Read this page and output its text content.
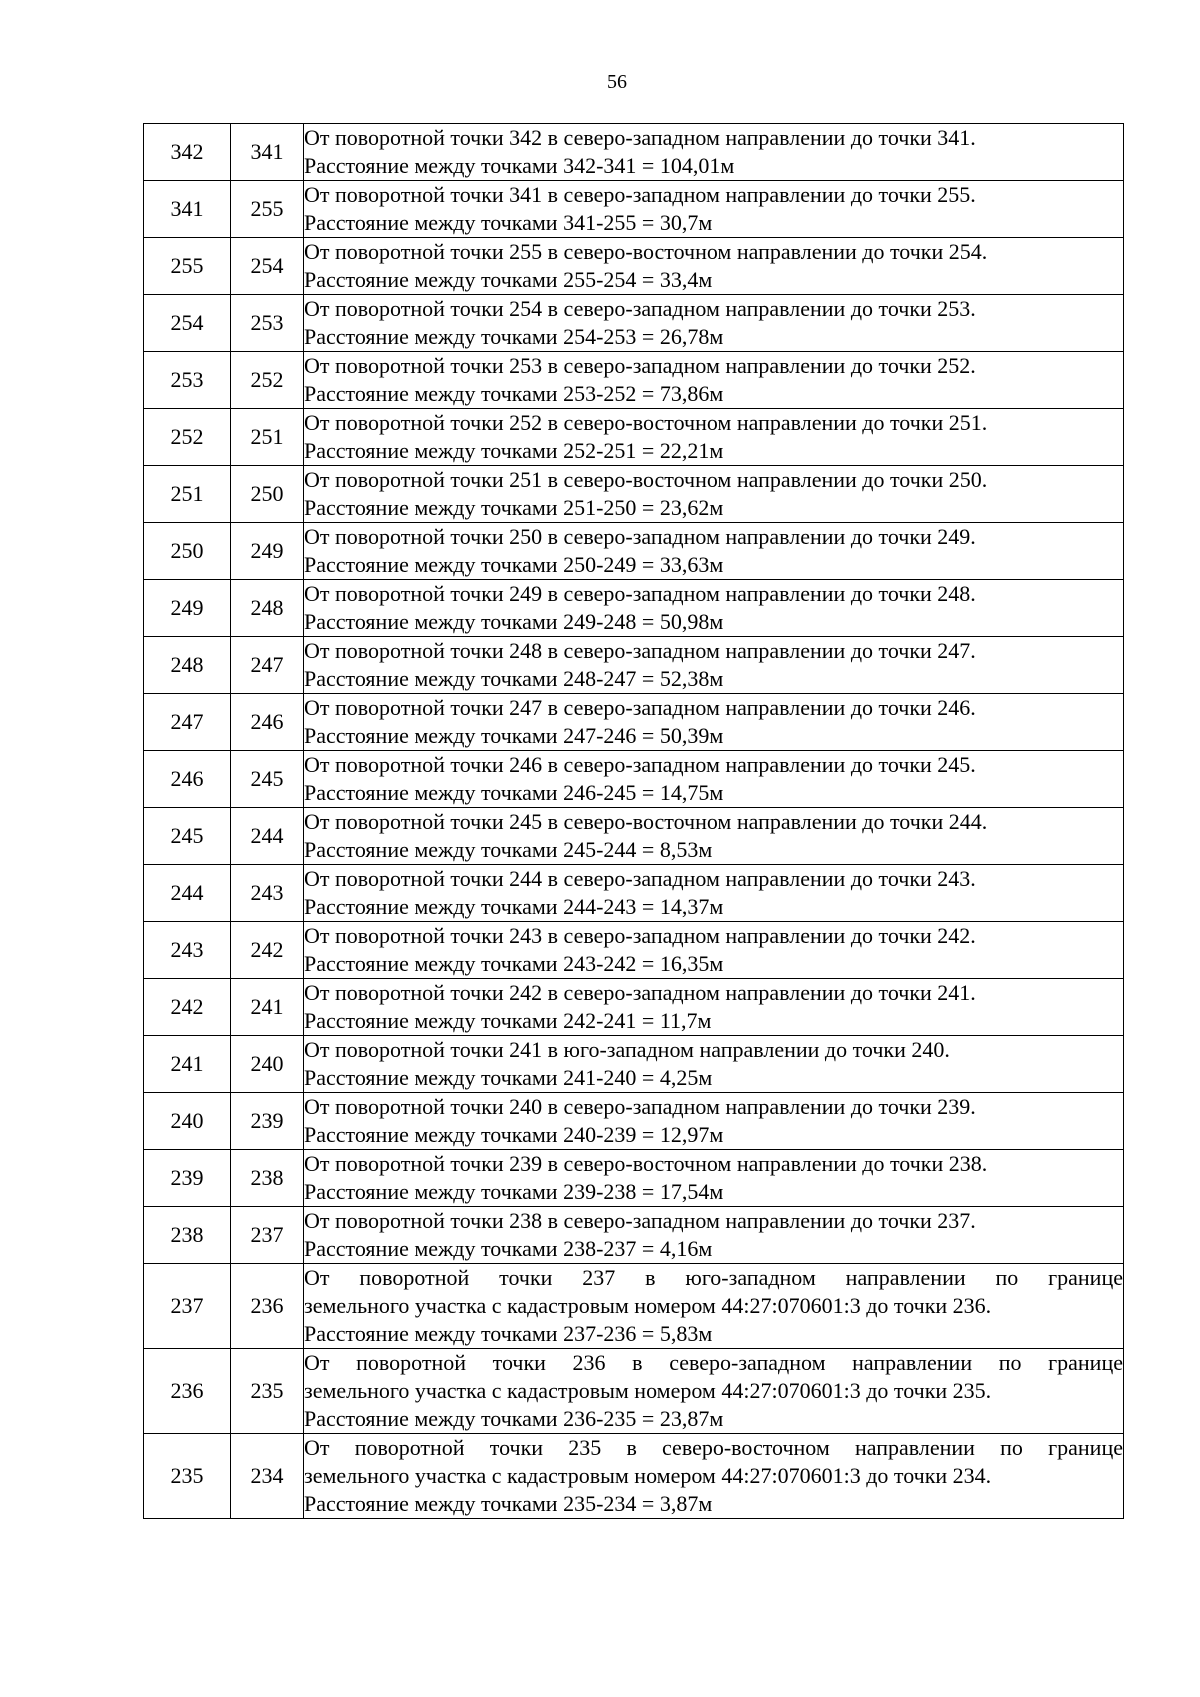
56
342	341	От поворотной точки 342 в северо-западном направлении до точки 341.
Расстояние между точками 342-341 = 104,01м

341	255	От поворотной точки 341 в северо-западном направлении до точки 255.
Расстояние между точками 341-255 = 30,7м

255	254	От поворотной точки 255 в северо-восточном направлении до точки 254.
Расстояние между точками 255-254 = 33,4м

254	253	От поворотной точки 254 в северо-западном направлении до точки 253.
Расстояние между точками 254-253 = 26,78м

253	252	От поворотной точки 253 в северо-западном направлении до точки 252.
Расстояние между точками 253-252 = 73,86м

252	251	От поворотной точки 252 в северо-восточном направлении до точки 251.
Расстояние между точками 252-251 = 22,21м

251	250	От поворотной точки 251 в северо-восточном направлении до точки 250.
Расстояние между точками 251-250 = 23,62м

250	249	От поворотной точки 250 в северо-западном направлении до точки 249.
Расстояние между точками 250-249 = 33,63м

249	248	От поворотной точки 249 в северо-западном направлении до точки 248.
Расстояние между точками 249-248 = 50,98м

248	247	От поворотной точки 248 в северо-западном направлении до точки 247.
Расстояние между точками 248-247 = 52,38м

247	246	От поворотной точки 247 в северо-западном направлении до точки 246.
Расстояние между точками 247-246 = 50,39м

246	245	От поворотной точки 246 в северо-западном направлении до точки 245.
Расстояние между точками 246-245 = 14,75м

245	244	От поворотной точки 245 в северо-восточном направлении до точки 244.
Расстояние между точками 245-244 = 8,53м

244	243	От поворотной точки 244 в северо-западном направлении до точки 243.
Расстояние между точками 244-243 = 14,37м

243	242	От поворотной точки 243 в северо-западном направлении до точки 242.
Расстояние между точками 243-242 = 16,35м

242	241	От поворотной точки 242 в северо-западном направлении до точки 241.
Расстояние между точками 242-241 = 11,7м

241	240	От поворотной точки 241 в юго-западном направлении до точки 240.
Расстояние между точками 241-240 = 4,25м

240	239	От поворотной точки 240 в северо-западном направлении до точки 239.
Расстояние между точками 240-239 = 12,97м

239	238	От поворотной точки 239 в северо-восточном направлении до точки 238.
Расстояние между точками 239-238 = 17,54м

238	237	От поворотной точки 238 в северо-западном направлении до точки 237.
Расстояние между точками 238-237 = 4,16м

237	236	От поворотной точки 237 в юго-западном направлении по границе
земельного участка с кадастровым номером 44:27:070601:3 до точки 236.
Расстояние между точками 237-236 = 5,83м

236	235	От поворотной точки 236 в северо-западном направлении по границе
земельного участка с кадастровым номером 44:27:070601:3 до точки 235.
Расстояние между точками 236-235 = 23,87м

235	234	От поворотной точки 235 в северо-восточном направлении по границе
земельного участка с кадастровым номером 44:27:070601:3 до точки 234.
Расстояние между точками 235-234 = 3,87м
